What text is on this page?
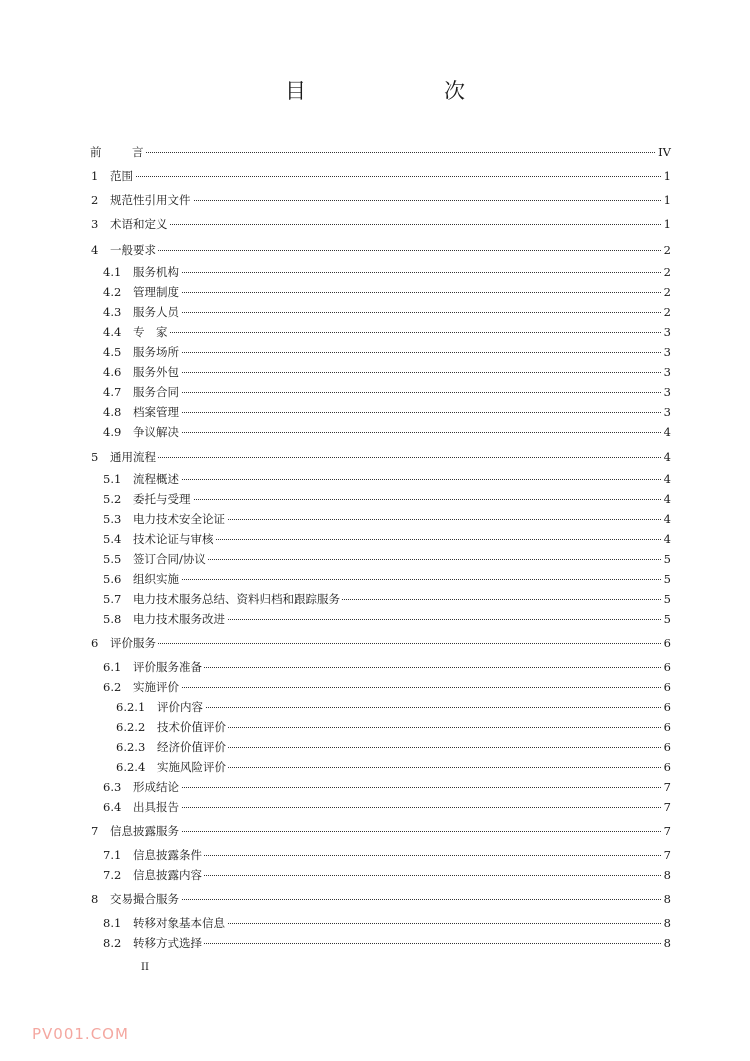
目　　次
前	言	IV
1 范围	1
2 规范性引用文件	1
3 术语和定义	1
4 一般要求	2
4.1 服务机构	2
4.2 管理制度	2
4.3 服务人员	2
4.4 专　家	3
4.5 服务场所	3
4.6 服务外包	3
4.7 服务合同	3
4.8 档案管理	3
4.9 争议解决	4
5 通用流程	4
5.1 流程概述	4
5.2 委托与受理	4
5.3 电力技术安全论证	4
5.4 技术论证与审核	4
5.5 签订合同/协议	5
5.6 组织实施	5
5.7 电力技术服务总结、资料归档和跟踪服务	5
5.8 电力技术服务改进	5
6 评价服务	6
6.1 评价服务准备	6
6.2 实施评价	6
6.2.1 评价内容	6
6.2.2 技术价值评价	6
6.2.3 经济价值评价	6
6.2.4 实施风险评价	6
6.3 形成结论	7
6.4 出具报告	7
7 信息披露服务	7
7.1 信息披露条件	7
7.2 信息披露内容	8
8 交易撮合服务	8
8.1 转移对象基本信息	8
8.2 转移方式选择	8
II
PV001.COM
